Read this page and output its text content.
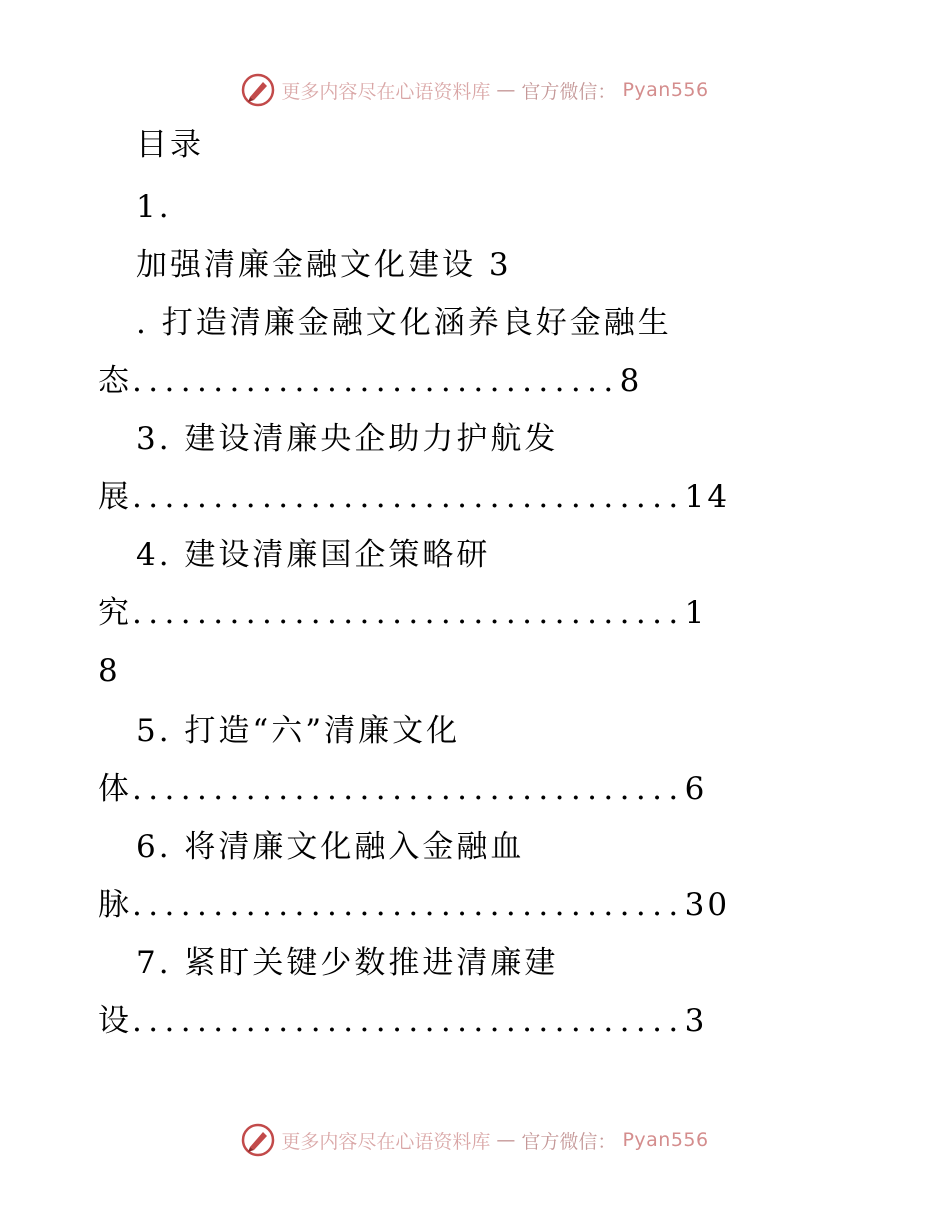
更多内容尽在心语资料库 — 官方微信： Pyan556
目录
1.
加强清廉金融文化建设 3
. 打造清廉金融文化涵养良好金融生
态..............................8
3. 建设清廉央企助力护航发
展..................................14
4. 建设清廉国企策略研
究..................................1
8
5. 打造“六”清廉文化
体..................................6
6. 将清廉文化融入金融血
脉..................................30
7. 紧盯关键少数推进清廉建
设..................................3
更多内容尽在心语资料库 — 官方微信： Pyan556
